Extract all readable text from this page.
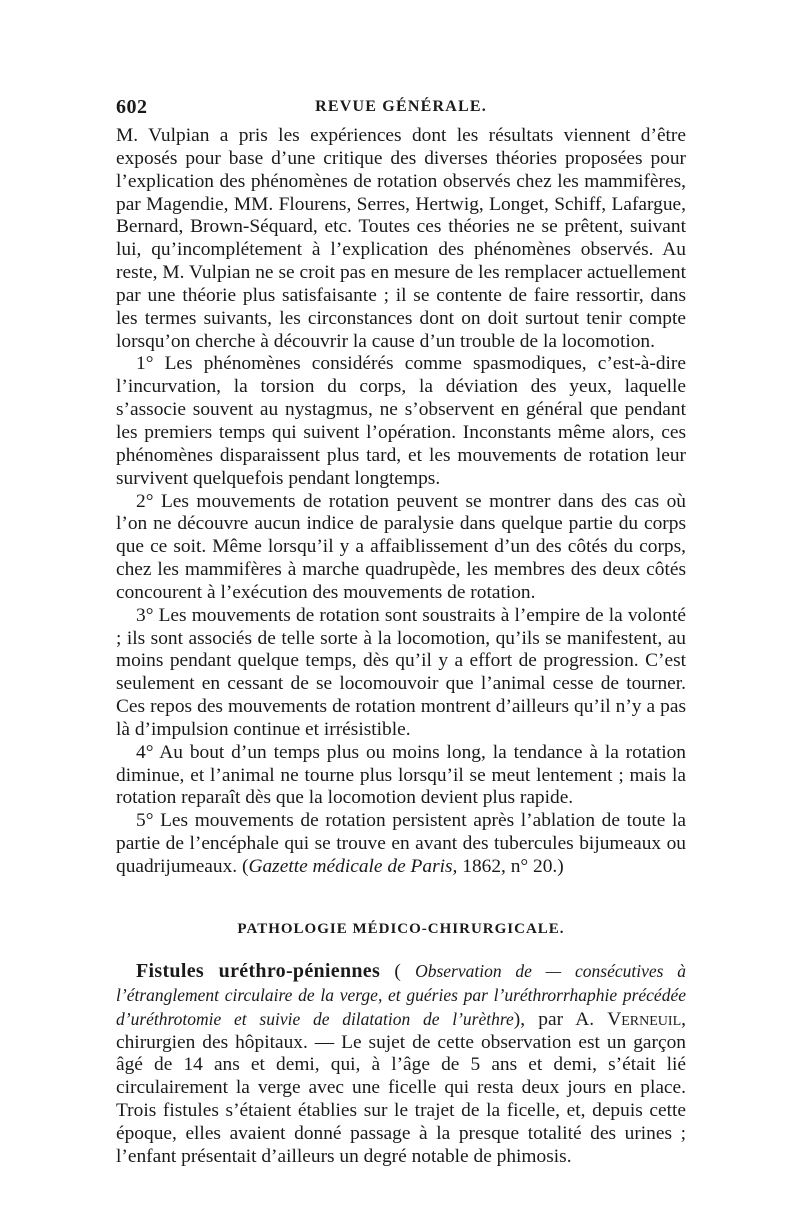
602	REVUE GÉNÉRALE.

M. Vulpian a pris les expériences dont les résultats viennent d’être exposés pour base d’une critique des diverses théories proposées pour l’explication des phénomènes de rotation observés chez les mammifères, par Magendie, MM. Flourens, Serres, Hertwig, Longet, Schiff, Lafargue, Bernard, Brown-Séquard, etc. Toutes ces théories ne se prêtent, suivant lui, qu’incomplétement à l’explication des phénomènes observés. Au reste, M. Vulpian ne se croit pas en mesure de les remplacer actuellement par une théorie plus satisfaisante ; il se contente de faire ressortir, dans les termes suivants, les circonstances dont on doit surtout tenir compte lorsqu’on cherche à découvrir la cause d’un trouble de la locomotion.

1° Les phénomènes considérés comme spasmodiques, c’est-à-dire l’incurvation, la torsion du corps, la déviation des yeux, laquelle s’associe souvent au nystagmus, ne s’observent en général que pendant les premiers temps qui suivent l’opération. Inconstants même alors, ces phénomènes disparaissent plus tard, et les mouvements de rotation leur survivent quelquefois pendant longtemps.

2° Les mouvements de rotation peuvent se montrer dans des cas où l’on ne découvre aucun indice de paralysie dans quelque partie du corps que ce soit. Même lorsqu’il y a affaiblissement d’un des côtés du corps, chez les mammifères à marche quadrupède, les membres des deux côtés concourent à l’exécution des mouvements de rotation.

3° Les mouvements de rotation sont soustraits à l’empire de la volonté ; ils sont associés de telle sorte à la locomotion, qu’ils se manifestent, au moins pendant quelque temps, dès qu’il y a effort de progression. C’est seulement en cessant de se locomouvoir que l’animal cesse de tourner. Ces repos des mouvements de rotation montrent d’ailleurs qu’il n’y a pas là d’impulsion continue et irrésistible.

4° Au bout d’un temps plus ou moins long, la tendance à la rotation diminue, et l’animal ne tourne plus lorsqu’il se meut lentement ; mais la rotation reparaît dès que la locomotion devient plus rapide.

5° Les mouvements de rotation persistent après l’ablation de toute la partie de l’encéphale qui se trouve en avant des tubercules bijumeaux ou quadrijumeaux. (Gazette médicale de Paris, 1862, n° 20.)

PATHOLOGIE MÉDICO-CHIRURGICALE.

Fistules uréthro-péniennes ( Observation de — consécutives à l’étranglement circulaire de la verge, et guéries par l’uréthrorrhaphie précédée d’uréthrotomie et suivie de dilatation de l’urèthre), par A. Verneuil, chirurgien des hôpitaux. — Le sujet de cette observation est un garçon âgé de 14 ans et demi, qui, à l’âge de 5 ans et demi, s’était lié circulairement la verge avec une ficelle qui resta deux jours en place. Trois fistules s’étaient établies sur le trajet de la ficelle, et, depuis cette époque, elles avaient donné passage à la presque totalité des urines ; l’enfant présentait d’ailleurs un degré notable de phimosis.
